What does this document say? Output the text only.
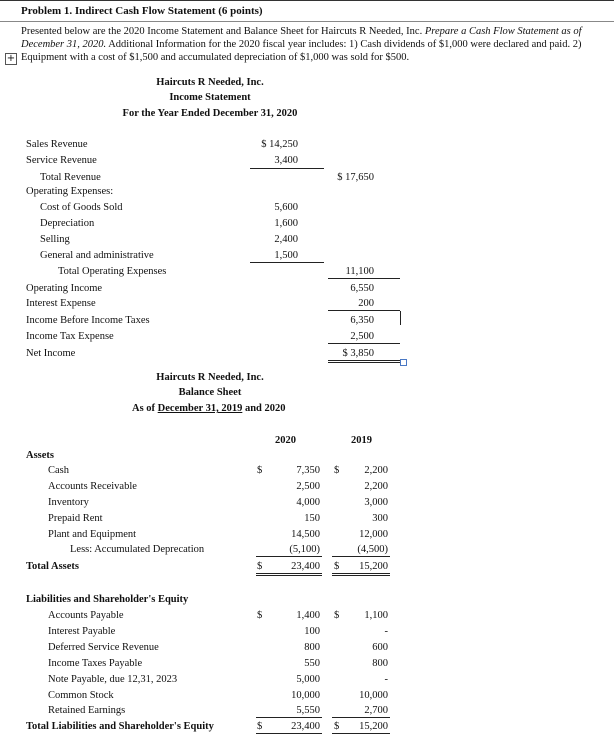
Problem 1. Indirect Cash Flow Statement (6 points)
Presented below are the 2020 Income Statement and Balance Sheet for Haircuts R Needed, Inc. Prepare a Cash Flow Statement as of December 31, 2020. Additional Information for the 2020 fiscal year includes: 1) Cash dividends of $1,000 were declared and paid. 2) Equipment with a cost of $1,500 and accumulated depreciation of $1,000 was sold for $500.
+
Haircuts R Needed, Inc.
Income Statement
For the Year Ended December 31, 2020
Sales Revenue	$ 14,250
Service Revenue	3,400
Total Revenue	$ 17,650
Operating Expenses:
Cost of Goods Sold	5,600
Depreciation	1,600
Selling	2,400
General and administrative	1,500
Total Operating Expenses	11,100
Operating Income	6,550
Interest Expense	200
Income Before Income Taxes	6,350
Income Tax Expense	2,500
Net Income	$ 3,850
Haircuts R Needed, Inc.
Balance Sheet
As of December 31, 2019 and 2020
2020	2019
Assets
Cash	$	7,350 $	2,200
Accounts Receivable	2,500	2,200
Inventory	4,000	3,000
Prepaid Rent	150	300
Plant and Equipment	14,500	12,000
Less: Accumulated Deprecation	(5,100)	(4,500)
Total Assets	$	23,400 $	15,200
Liabilities and Shareholder's Equity
Accounts Payable	$	1,400 $	1,100
Interest Payable	100	-
Deferred Service Revenue	800	600
Income Taxes Payable	550	800
Note Payable, due 12,31, 2023	5,000	-
Common Stock	10,000	10,000
Retained Earnings	5,550	2,700
Total Liabilities and Shareholder's Equity	$	23,400 $	15,200
